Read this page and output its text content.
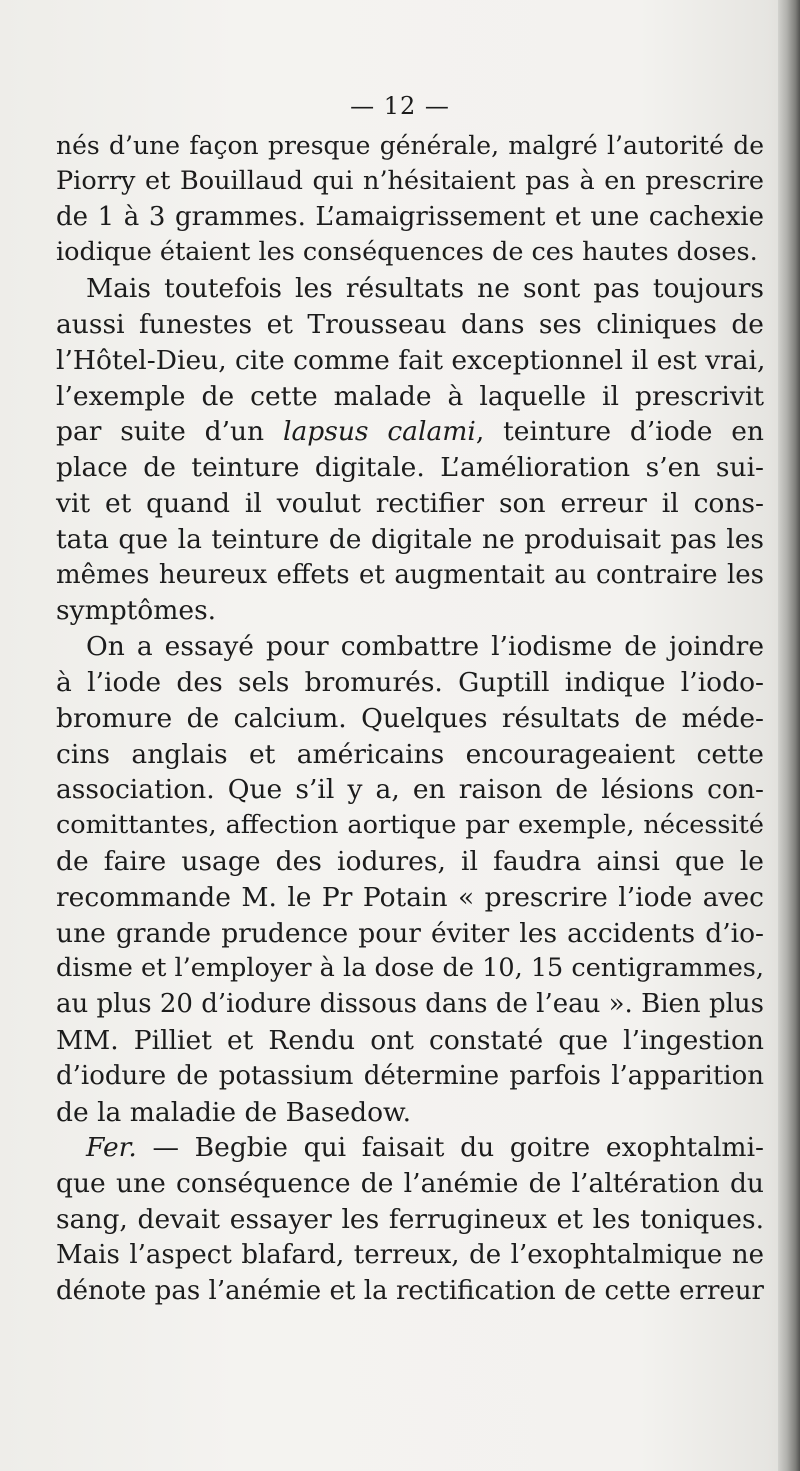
— 12 —
nés d’une façon presque générale, malgré l’autorité de
Piorry et Bouillaud qui n’hésitaient pas à en prescrire
de 1 à 3 grammes. L’amaigrissement et une cachexie
iodique étaient les conséquences de ces hautes doses.
Mais toutefois les résultats ne sont pas toujours
aussi funestes et Trousseau dans ses cliniques de
l’Hôtel-Dieu, cite comme fait exceptionnel il est vrai,
l’exemple de cette malade à laquelle il prescrivit
par suite d’un lapsus calami, teinture d’iode en
place de teinture digitale. L’amélioration s’en sui-
vit et quand il voulut rectifier son erreur il cons-
tata que la teinture de digitale ne produisait pas les
mêmes heureux effets et augmentait au contraire les
symptômes.
On a essayé pour combattre l’iodisme de joindre
à l’iode des sels bromurés. Guptill indique l’iodo-
bromure de calcium. Quelques résultats de méde-
cins anglais et américains encourageaient cette
association. Que s’il y a, en raison de lésions con-
comittantes, affection aortique par exemple, nécessité
de faire usage des iodures, il faudra ainsi que le
recommande M. le Pr Potain « prescrire l’iode avec
une grande prudence pour éviter les accidents d’io-
disme et l’employer à la dose de 10, 15 centigrammes,
au plus 20 d’iodure dissous dans de l’eau ». Bien plus
MM. Pilliet et Rendu ont constaté que l’ingestion
d’iodure de potassium détermine parfois l’apparition
de la maladie de Basedow.
Fer. — Begbie qui faisait du goitre exophtalmi-
que une conséquence de l’anémie de l’altération du
sang, devait essayer les ferrugineux et les toniques.
Mais l’aspect blafard, terreux, de l’exophtalmique ne
dénote pas l’anémie et la rectification de cette erreur
